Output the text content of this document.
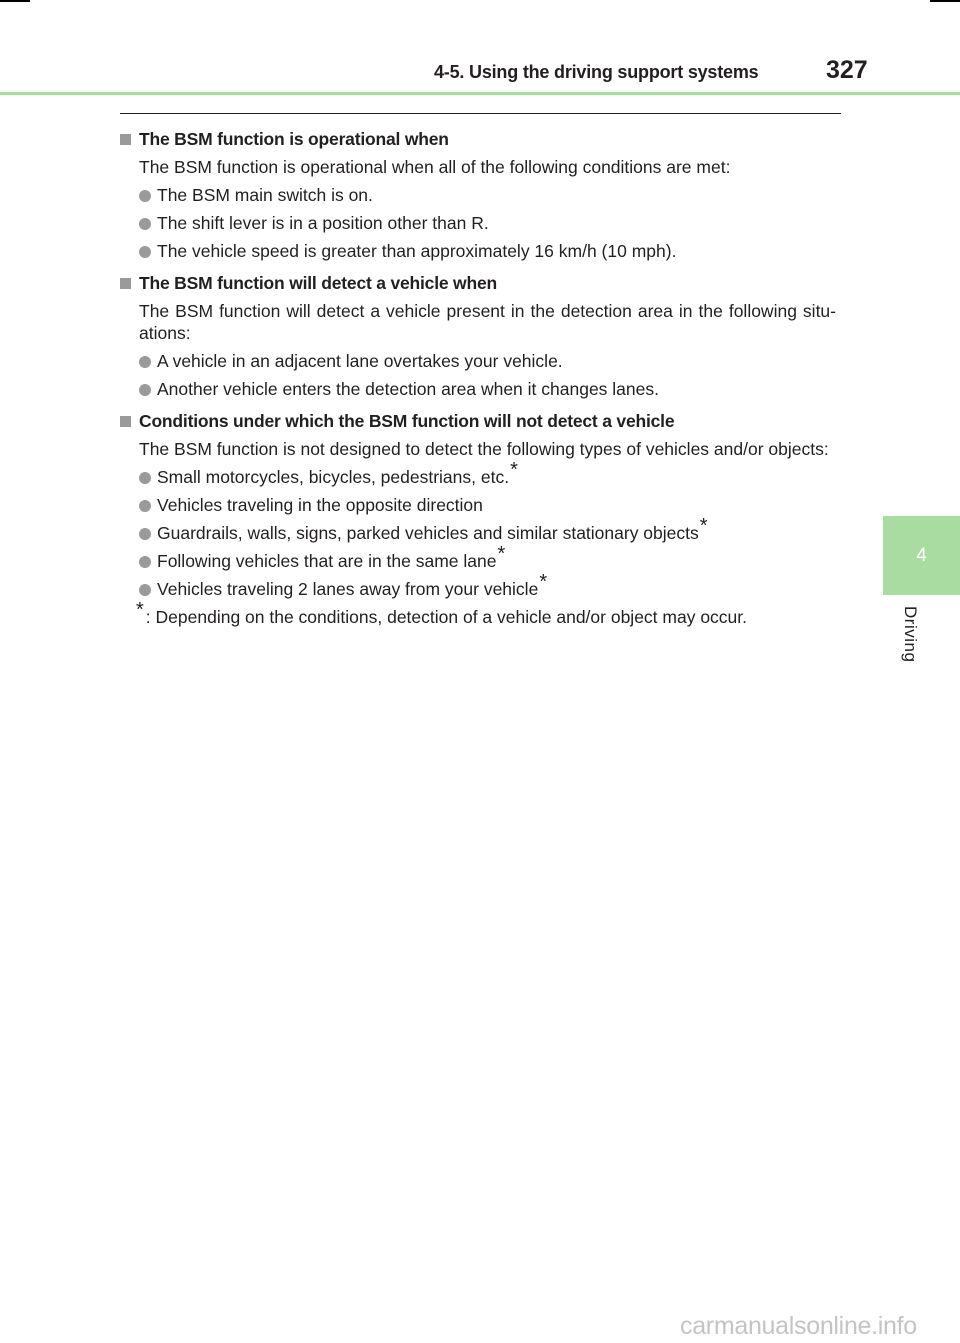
4-5. Using the driving support systems	327
4
Driving
The BSM function is operational when
The BSM function is operational when all of the following conditions are met:
The BSM main switch is on.
The shift lever is in a position other than R.
The vehicle speed is greater than approximately 16 km/h (10 mph).
The BSM function will detect a vehicle when
The BSM function will detect a vehicle present in the detection area in the following situ-ations:
A vehicle in an adjacent lane overtakes your vehicle.
Another vehicle enters the detection area when it changes lanes.
Conditions under which the BSM function will not detect a vehicle
The BSM function is not designed to detect the following types of vehicles and/or objects:
Small motorcycles, bicycles, pedestrians, etc. *
Vehicles traveling in the opposite direction
Guardrails, walls, signs, parked vehicles and similar stationary objects *
Following vehicles that are in the same lane *
Vehicles traveling 2 lanes away from your vehicle *
* : Depending on the conditions, detection of a vehicle and/or object may occur.
carmanualsonline.info
